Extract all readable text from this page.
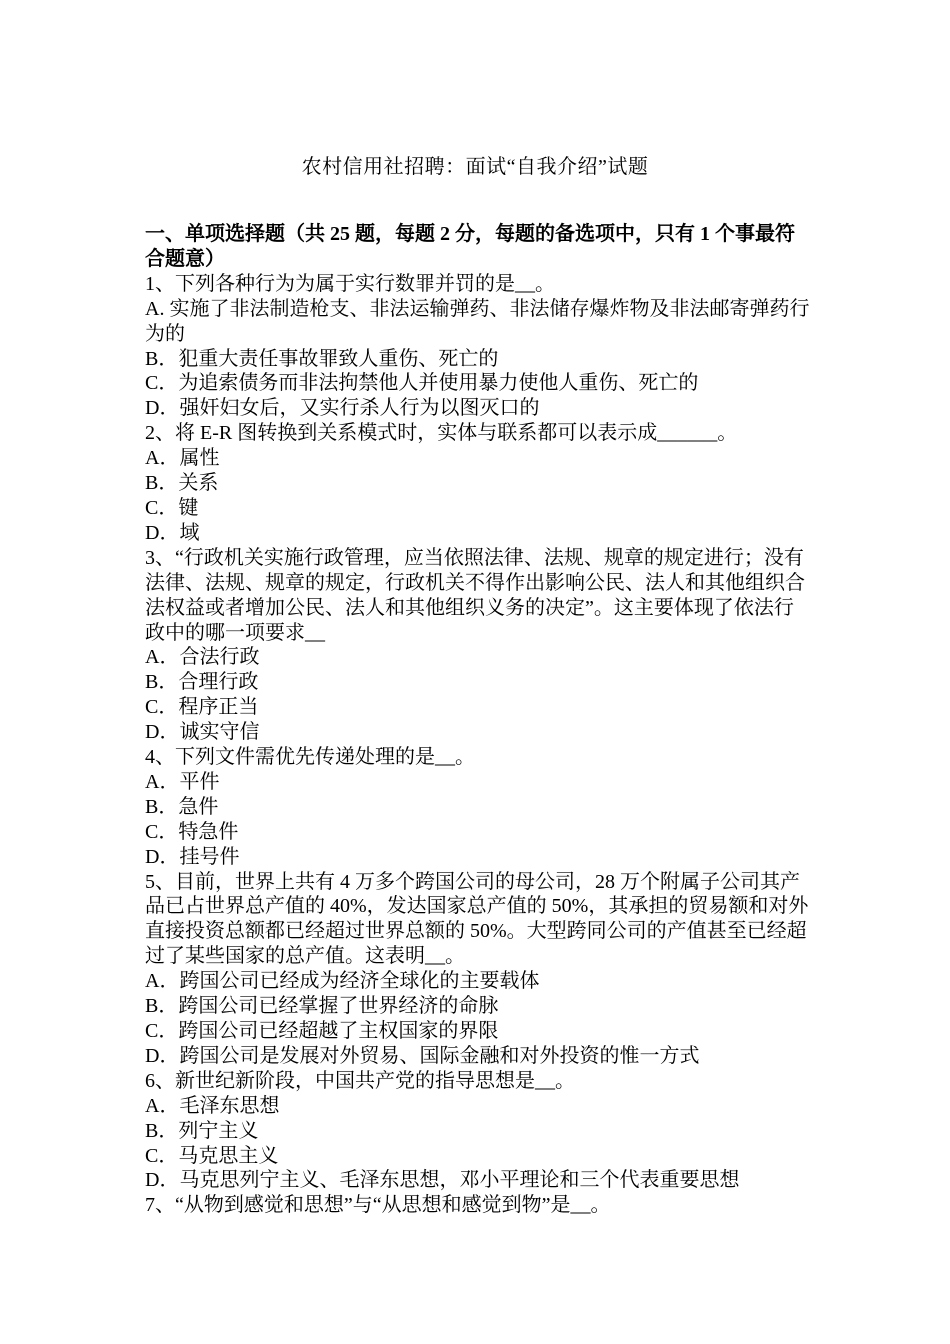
农村信用社招聘：面试“自我介绍”试题

一、单项选择题（共 25 题，每题 2 分，每题的备选项中，只有 1 个事最符合题意）

1、下列各种行为为属于实行数罪并罚的是__。

A. 实施了非法制造枪支、非法运输弹药、非法储存爆炸物及非法邮寄弹药行为的

B．犯重大责任事故罪致人重伤、死亡的

C．为追索债务而非法拘禁他人并使用暴力使他人重伤、死亡的

D．强奸妇女后，又实行杀人行为以图灭口的

2、将 E-R 图转换到关系模式时，实体与联系都可以表示成______。

A．属性

B．关系

C．键

D．域

3、“行政机关实施行政管理，应当依照法律、法规、规章的规定进行；没有法律、法规、规章的规定，行政机关不得作出影响公民、法人和其他组织合法权益或者增加公民、法人和其他组织义务的决定”。这主要体现了依法行政中的哪一项要求__

A．合法行政

B．合理行政

C．程序正当

D．诚实守信

4、下列文件需优先传递处理的是__。

A．平件

B．急件

C．特急件

D．挂号件

5、目前，世界上共有 4 万多个跨国公司的母公司，28 万个附属子公司其产品已占世界总产值的 40%，发达国家总产值的 50%，其承担的贸易额和对外直接投资总额都已经超过世界总额的 50%。大型跨同公司的产值甚至已经超过了某些国家的总产值。这表明__。

A．跨国公司已经成为经济全球化的主要载体

B．跨国公司已经掌握了世界经济的命脉

C．跨国公司已经超越了主权国家的界限

D．跨国公司是发展对外贸易、国际金融和对外投资的惟一方式

6、新世纪新阶段，中国共产党的指导思想是__。

A．毛泽东思想

B．列宁主义

C．马克思主义

D．马克思列宁主义、毛泽东思想，邓小平理论和三个代表重要思想

7、“从物到感觉和思想”与“从思想和感觉到物”是__。
